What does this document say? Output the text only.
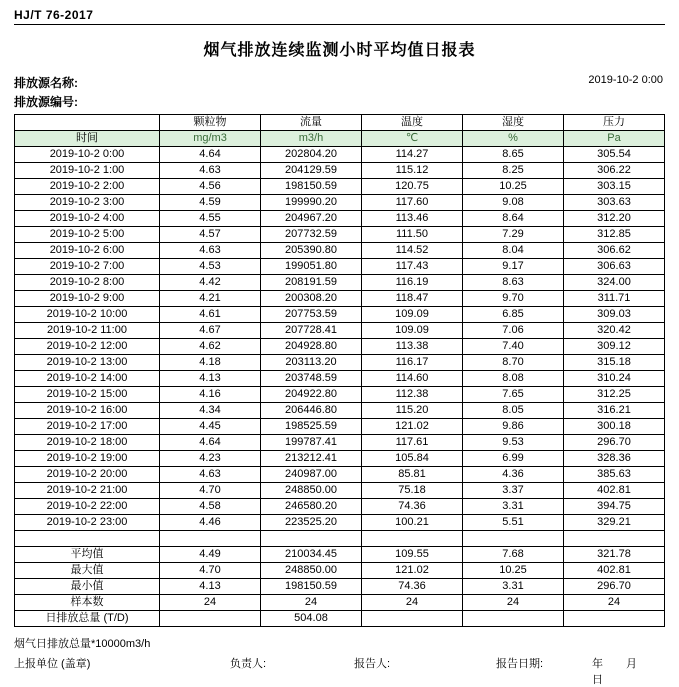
HJ/T 76-2017
烟气排放连续监测小时平均值日报表
排放源名称:
排放源编号:
2019-10-2 0:00
	颗粒物	流量	温度	湿度	压力
时间	mg/m3	m3/h	℃	%	Pa
2019-10-2 0:00	4.64	202804.20	114.27	8.65	305.54
2019-10-2 1:00	4.63	204129.59	115.12	8.25	306.22
2019-10-2 2:00	4.56	198150.59	120.75	10.25	303.15
2019-10-2 3:00	4.59	199990.20	117.60	9.08	303.63
2019-10-2 4:00	4.55	204967.20	113.46	8.64	312.20
2019-10-2 5:00	4.57	207732.59	111.50	7.29	312.85
2019-10-2 6:00	4.63	205390.80	114.52	8.04	306.62
2019-10-2 7:00	4.53	199051.80	117.43	9.17	306.63
2019-10-2 8:00	4.42	208191.59	116.19	8.63	324.00
2019-10-2 9:00	4.21	200308.20	118.47	9.70	311.71
2019-10-2 10:00	4.61	207753.59	109.09	6.85	309.03
2019-10-2 11:00	4.67	207728.41	109.09	7.06	320.42
2019-10-2 12:00	4.62	204928.80	113.38	7.40	309.12
2019-10-2 13:00	4.18	203113.20	116.17	8.70	315.18
2019-10-2 14:00	4.13	203748.59	114.60	8.08	310.24
2019-10-2 15:00	4.16	204922.80	112.38	7.65	312.25
2019-10-2 16:00	4.34	206446.80	115.20	8.05	316.21
2019-10-2 17:00	4.45	198525.59	121.02	9.86	300.18
2019-10-2 18:00	4.64	199787.41	117.61	9.53	296.70
2019-10-2 19:00	4.23	213212.41	105.84	6.99	328.36
2019-10-2 20:00	4.63	240987.00	85.81	4.36	385.63
2019-10-2 21:00	4.70	248850.00	75.18	3.37	402.81
2019-10-2 22:00	4.58	246580.20	74.36	3.31	394.75
2019-10-2 23:00	4.46	223525.20	100.21	5.51	329.21

平均值	4.49	210034.45	109.55	7.68	321.78
最大值	4.70	248850.00	121.02	10.25	402.81
最小值	4.13	198150.59	74.36	3.31	296.70
样本数	24	24	24	24	24
日排放总量 (T/D)		504.08			
烟气日排放总量*10000m3/h
上报单位 (盖章)	负责人:	报告人:	报告日期:	年 月 日
